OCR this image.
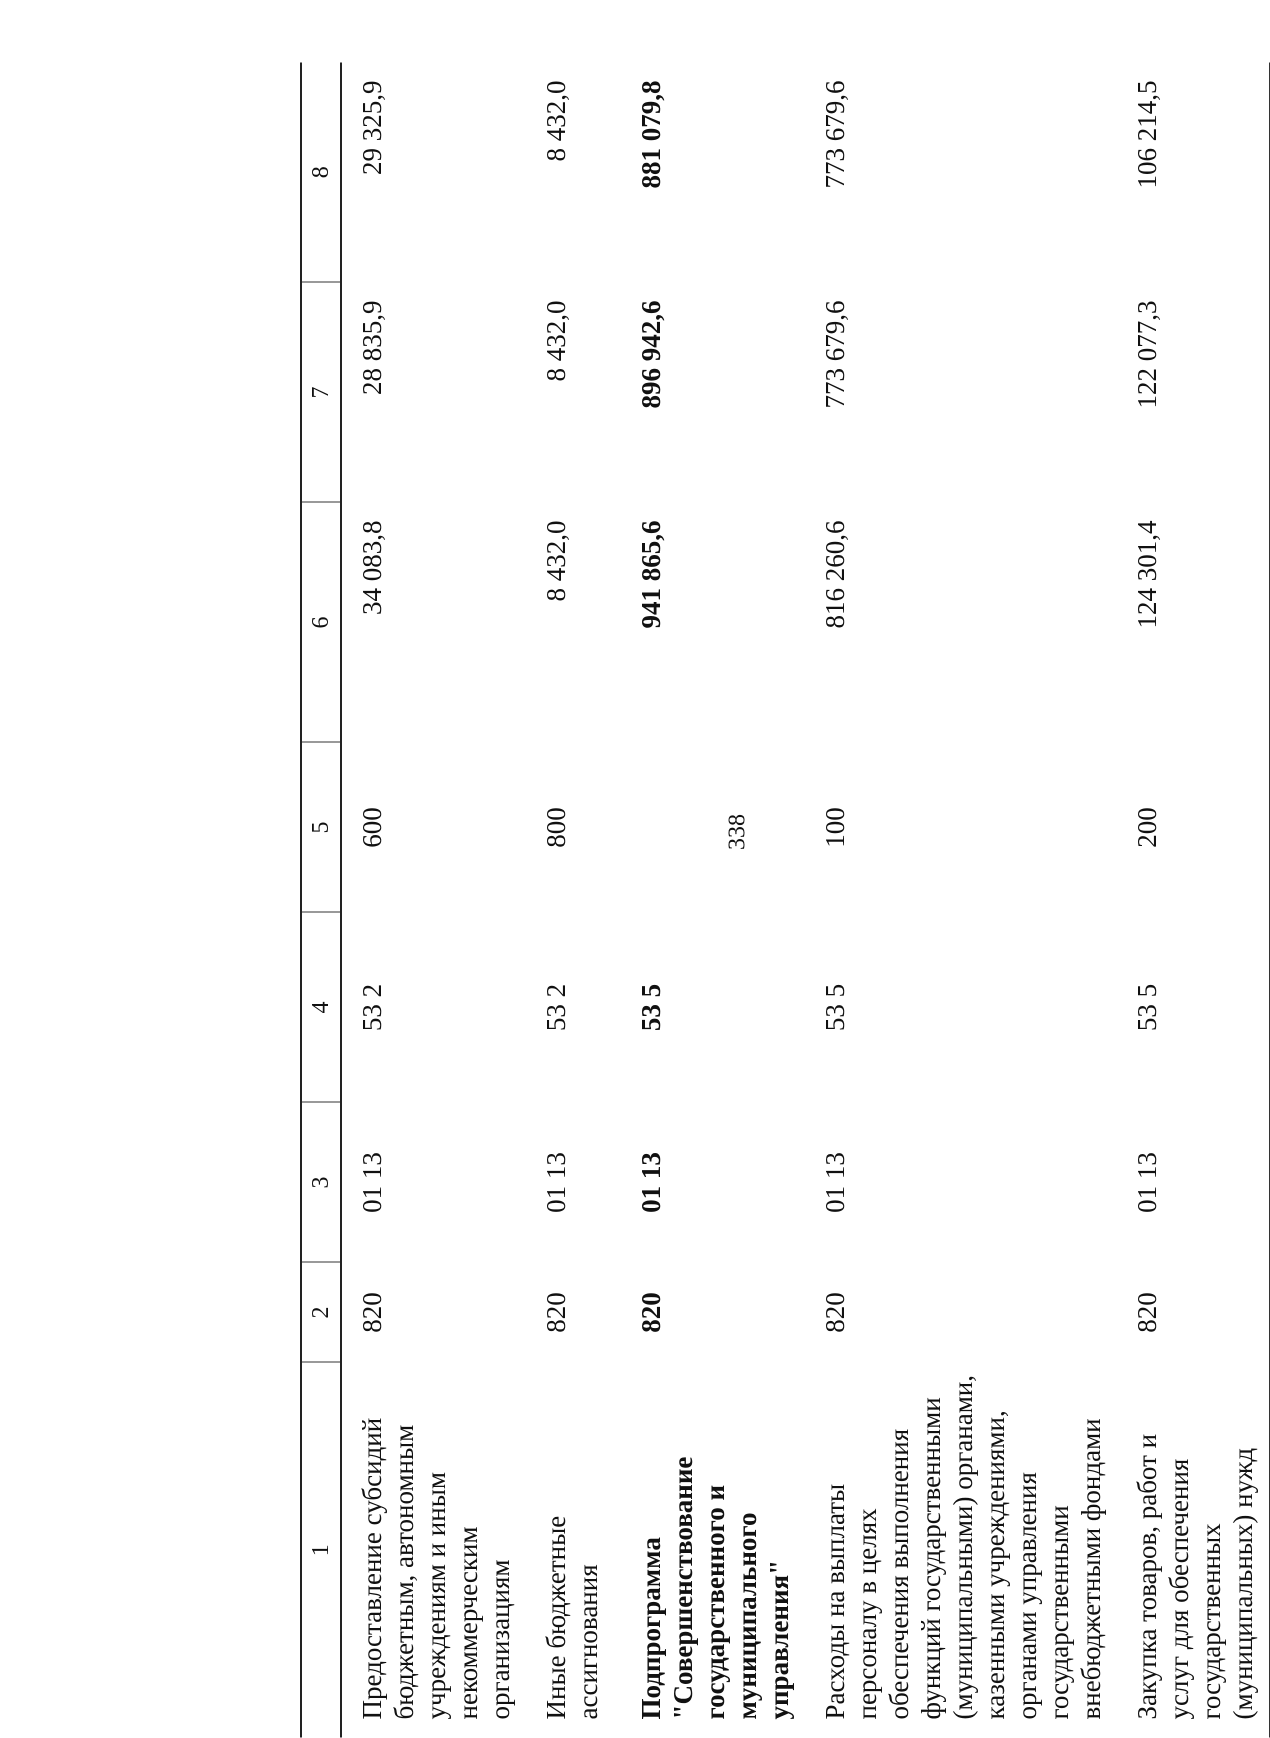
338
1	2	3	4	5	6	7	8
Предоставление субсидий бюджетным, автономным учреждениям и иным некоммерческим организациям	820	01 13	53 2	600	34 083,8	28 835,9	29 325,9
Иные бюджетные ассигнования	820	01 13	53 2	800	8 432,0	8 432,0	8 432,0
Подпрограмма "Совершенствование государственного и муниципального управления"	820	01 13	53 5		941 865,6	896 942,6	881 079,8
Расходы на выплаты персоналу в целях обеспечения выполнения функций государственными (муниципальными) органами, казенными учреждениями, органами управления государственными внебюджетными фондами	820	01 13	53 5	100	816 260,6	773 679,6	773 679,6
Закупка товаров, работ и услуг для обеспечения государственных (муниципальных) нужд	820	01 13	53 5	200	124 301,4	122 077,3	106 214,5
